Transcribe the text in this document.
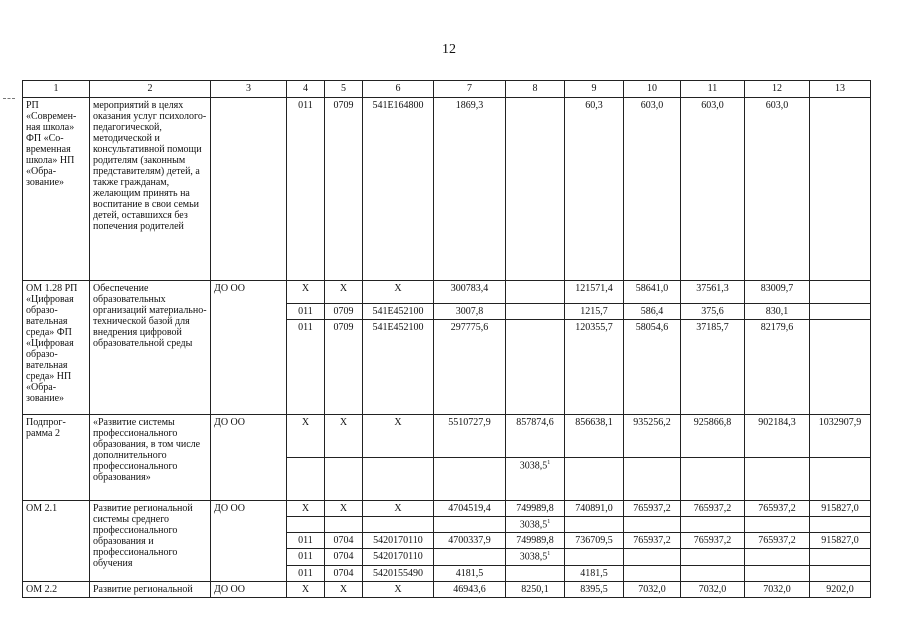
12
1	2	3	4	5	6	7	8	9	10	11	12	13
РП «Современ-ная школа» ФП «Со-временная школа» НП «Обра-зование»	мероприятий в целях оказания услуг психолого-педагогической, методической и консультативной помощи родителям (законным представителям) детей, а также гражданам, желающим принять на воспитание в свои семьи детей, оставшихся без попечения родителей		011	0709	541E164800	1869,3		60,3	603,0	603,0	603,0	
ОМ 1.28 РП «Цифровая образо-вательная среда» ФП «Цифровая образо-вательная среда» НП «Обра-зование»	Обеспечение образовательных организаций материально-технической базой для внедрения цифровой образовательной среды	ДО ОО	Х	Х	Х	300783,4		121571,4	58641,0	37561,3	83009,7	
			011	0709	541E452100	3007,8		1215,7	586,4	375,6	830,1	
			011	0709	541E452100	297775,6		120355,7	58054,6	37185,7	82179,6	
Подпрог-рамма 2	«Развитие системы профессионального образования, в том числе дополнительного профессионального образования»	ДО ОО	Х	Х	Х	5510727,9	857874,6	856638,1	935256,2	925866,8	902184,3	1032907,9
							3038,5$^1$					
ОМ 2.1	Развитие региональной системы среднего профессионального образования и профессионального обучения	ДО ОО	Х	Х	Х	4704519,4	749989,8	740891,0	765937,2	765937,2	765937,2	915827,0
							3038,5$^1$					
			011	0704	5420170110	4700337,9	749989,8	736709,5	765937,2	765937,2	765937,2	915827,0
			011	0704	5420170110		3038,5$^1$					
			011	0704	5420155490	4181,5		4181,5				
ОМ 2.2	Развитие региональной	ДО ОО	Х	Х	Х	46943,6	8250,1	8395,5	7032,0	7032,0	7032,0	9202,0
